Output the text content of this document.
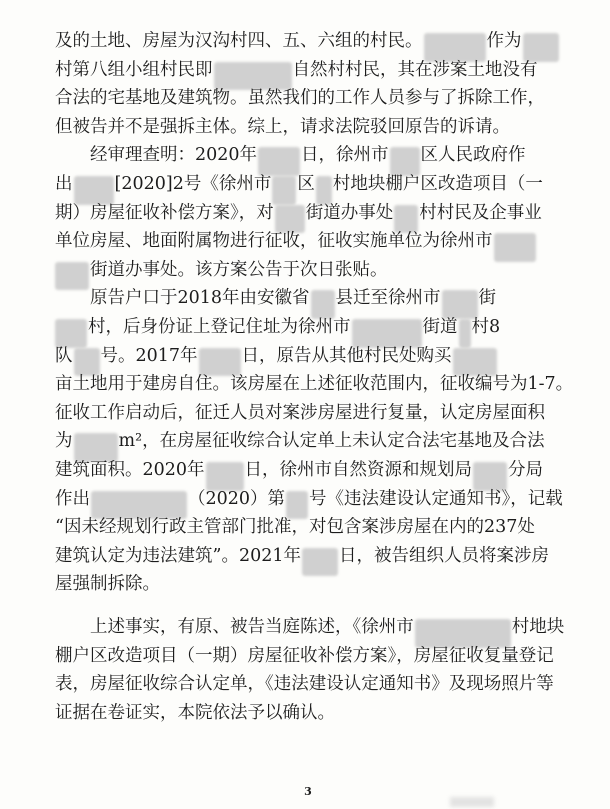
及的土地、房屋为汉沟村四、五、六组的村民。	作为
村第八组小组村民即	自然村村民，其在涉案土地没有
合法的宅基地及建筑物。虽然我们的工作人员参与了拆除工作，
但被告并不是强拆主体。综上，请求法院驳回原告的诉请。
经审理查明：2020年	日，徐州市 区人民政府作
出 [2020]2号《徐州市 区 村地块棚户区改造项目（一
期）房屋征收补偿方案》，对 街道办事处 村村民及企事业
单位房屋、地面附属物进行征收，征收实施单位为徐州市
街道办事处。该方案公告于次日张贴。
原告户口于2018年由安徽省 县迁至徐州市 街
村，后身份证上登记住址为徐州市	街道 村8
队 号。2017年	日，原告从其他村民处购买
亩土地用于建房自住。该房屋在上述征收范围内，征收编号为1-7。
征收工作启动后，征迁人员对案涉房屋进行复量，认定房屋面积
为	m²，在房屋征收综合认定单上未认定合法宅基地及合法
建筑面积。2020年 日，徐州市自然资源和规划局 分局
作出	（2020）第 号《违法建设认定通知书》，记载
“因未经规划行政主管部门批准，对包含案涉房屋在内的237处
建筑认定为违法建筑”。2021年 日，被告组织人员将案涉房
屋强制拆除。
上述事实，有原、被告当庭陈述，《徐州市	村地块
棚户区改造项目（一期）房屋征收补偿方案》，房屋征收复量登记
表，房屋征收综合认定单，《违法建设认定通知书》及现场照片等
证据在卷证实，本院依法予以确认。
3
